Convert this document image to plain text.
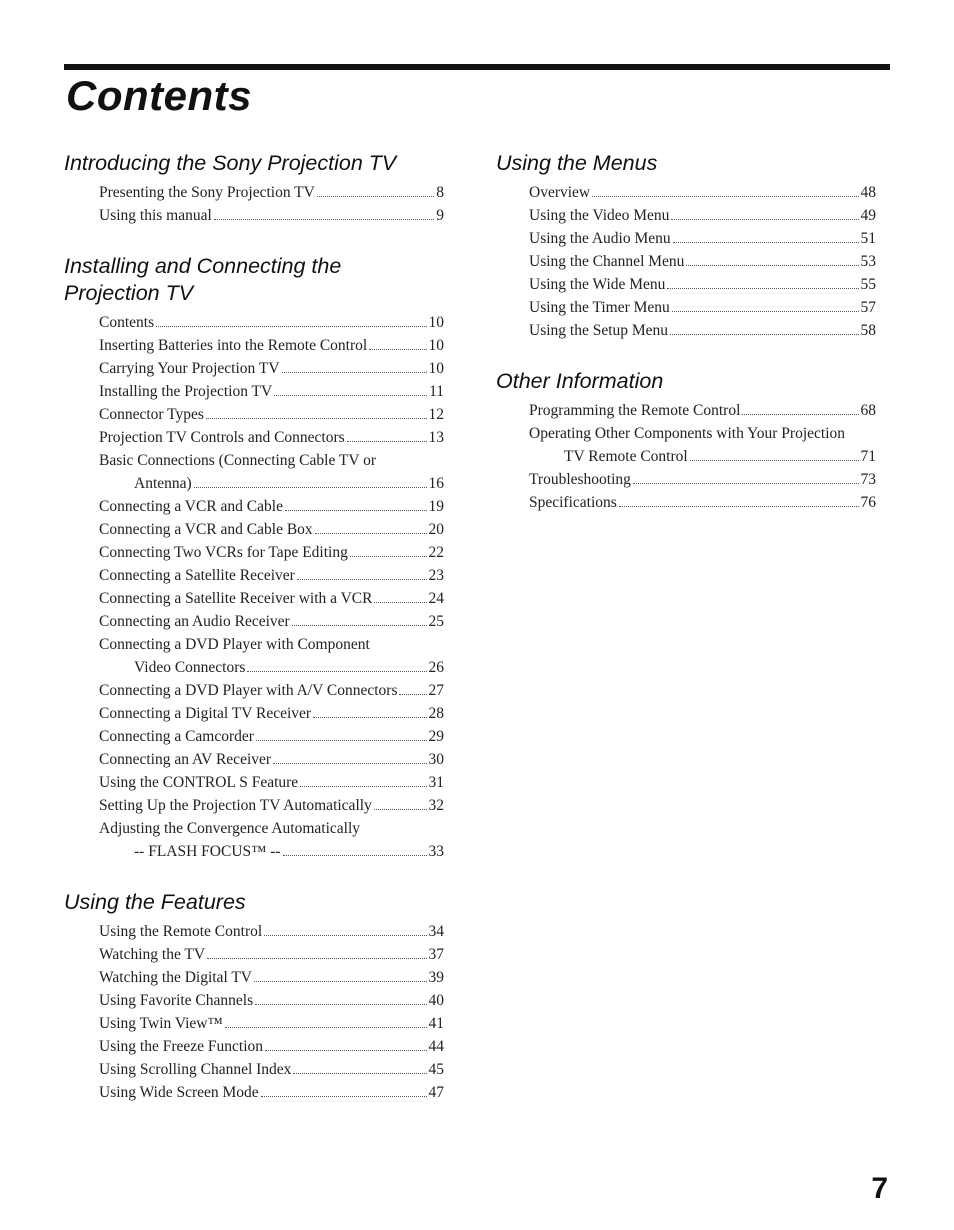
Contents
Introducing the Sony Projection TV
Presenting the Sony Projection TV	8
Using this manual	9
Installing and Connecting the
Projection TV
Contents	10
Inserting Batteries into the Remote Control	10
Carrying Your Projection TV	10
Installing the Projection TV	11
Connector Types	12
Projection TV Controls and Connectors	13
Basic Connections (Connecting Cable TV or
Antenna)	16
Connecting a VCR and Cable	19
Connecting a VCR and Cable Box	20
Connecting Two VCRs for Tape Editing	22
Connecting a Satellite Receiver	23
Connecting a Satellite Receiver with a VCR	24
Connecting an Audio Receiver	25
Connecting a DVD Player with Component
Video Connectors	26
Connecting a DVD Player with A/V Connectors 27
Connecting a Digital TV Receiver	28
Connecting a Camcorder	29
Connecting an AV Receiver	30
Using the CONTROL S Feature	31
Setting Up the Projection TV Automatically	32
Adjusting the Convergence Automatically
-- FLASH FOCUS™ --	33
Using the Features
Using the Remote Control	34
Watching the TV	37
Watching the Digital TV	39
Using Favorite Channels	40
Using Twin View™	41
Using the Freeze Function	44
Using Scrolling Channel Index	45
Using Wide Screen Mode	47
Using the Menus
Overview	48
Using the Video Menu	49
Using the Audio Menu	51
Using the Channel Menu	53
Using the Wide Menu	55
Using the Timer Menu	57
Using the Setup Menu	58
Other Information
Programming the Remote Control	68
Operating Other Components with Your Projection
TV Remote Control	71
Troubleshooting	73
Specifications	76
7
